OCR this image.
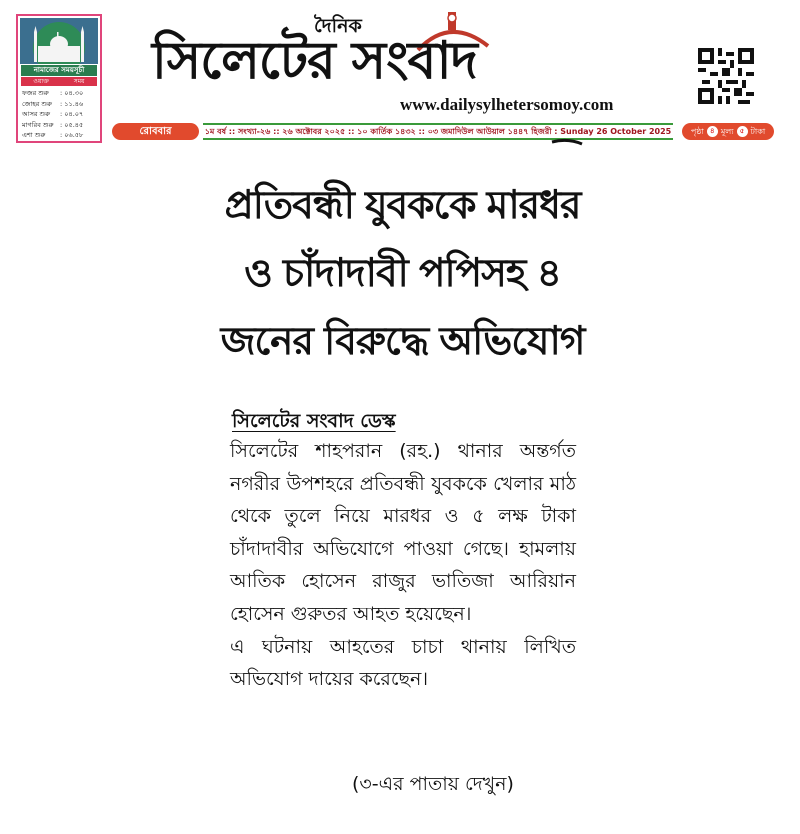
নামাজের সময়সূচী
ওয়াক্ত	সময়
ফজর শুরু	: ০৪.৩০
জোহর শুরু	: ১১.৪৬
আসর শুরু	: ০৪.০৭
মাগরিব শুরু	: ০৫.৪৫
এশা শুরু	: ০৬.৫৮
দৈনিক
সিলেটের সংবাদ
www.dailysylhetersomoy.com
রোববার	১ম বর্ষ :: সংখ্যা-২৬ :: ২৬ অক্টোবর ২০২৫ :: ১০ কার্তিক ১৪৩২ :: ০৩ জমাদিউল আউয়াল ১৪৪৭ হিজরী : Sunday 26 October 2025 পৃষ্ঠা ৪ মূল্য ৫ টাকা
প্রতিবন্ধী যুবককে মারধর
ও চাঁদাদাবী পপিসহ ৪
জনের বিরুদ্ধে অভিযোগ
সিলেটের সংবাদ ডেস্ক

সিলেটের শাহপরান (রহ.) থানার অন্তর্গত নগরীর উপশহরে প্রতিবন্ধী যুবককে খেলার মাঠ থেকে তুলে নিয়ে মারধর ও ৫ লক্ষ টাকা চাঁদাদাবীর অভিযোগে পাওয়া গেছে। হামলায় আতিক হোসেন রাজুর ভাতিজা আরিয়ান হোসেন গুরুতর আহত হয়েছেন।

এ ঘটনায় আহতের চাচা থানায় লিখিত অভিযোগ দায়ের করেছেন।

(৩-এর পাতায় দেখুন)
